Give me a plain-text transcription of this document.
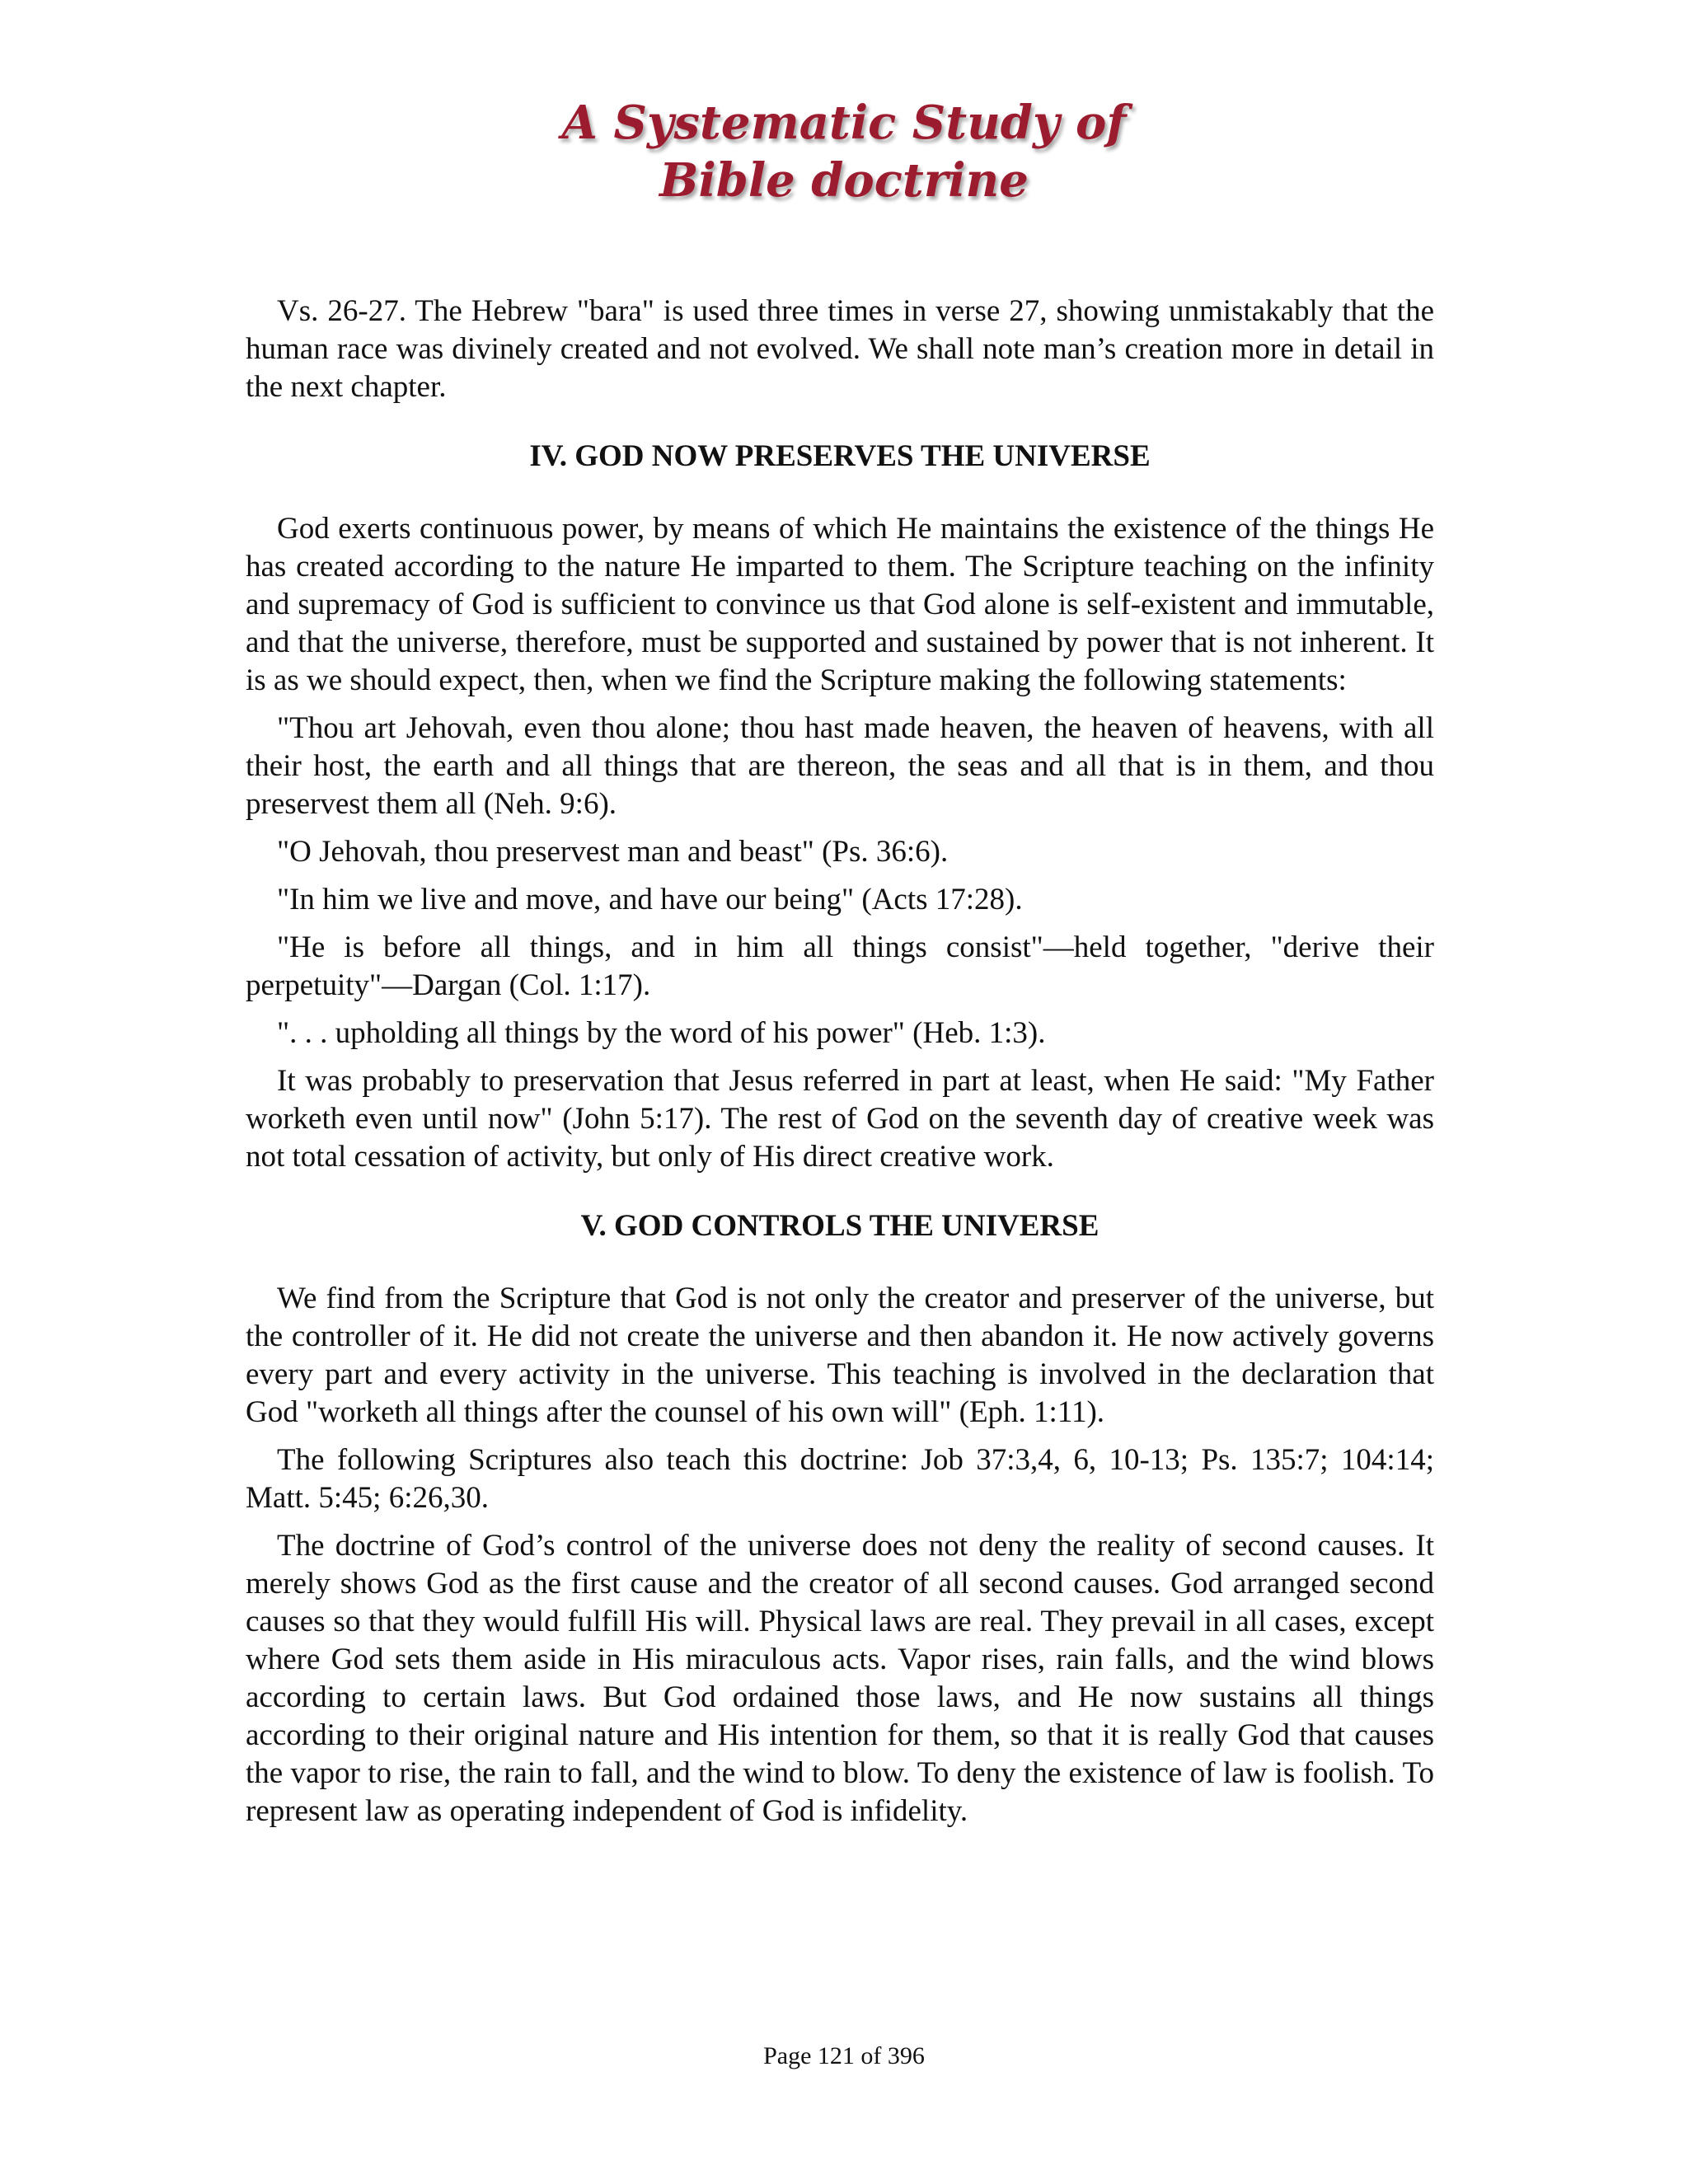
A Systematic Study of
Bible doctrine

Vs. 26-27. The Hebrew "bara" is used three times in verse 27, showing unmistakably that the human race was divinely created and not evolved. We shall note man’s creation more in detail in the next chapter.

IV. GOD NOW PRESERVES THE UNIVERSE

God exerts continuous power, by means of which He maintains the existence of the things He has created according to the nature He imparted to them. The Scripture teaching on the infinity and supremacy of God is sufficient to convince us that God alone is self-existent and immutable, and that the universe, therefore, must be supported and sustained by power that is not inherent. It is as we should expect, then, when we find the Scripture making the following statements:

"Thou art Jehovah, even thou alone; thou hast made heaven, the heaven of heavens, with all their host, the earth and all things that are thereon, the seas and all that is in them, and thou preservest them all (Neh. 9:6).

"O Jehovah, thou preservest man and beast" (Ps. 36:6).

"In him we live and move, and have our being" (Acts 17:28).

"He is before all things, and in him all things consist"—held together, "derive their perpetuity"—Dargan (Col. 1:17).

". . . upholding all things by the word of his power" (Heb. 1:3).

It was probably to preservation that Jesus referred in part at least, when He said: "My Father worketh even until now" (John 5:17). The rest of God on the seventh day of creative week was not total cessation of activity, but only of His direct creative work.

V. GOD CONTROLS THE UNIVERSE

We find from the Scripture that God is not only the creator and preserver of the universe, but the controller of it. He did not create the universe and then abandon it. He now actively governs every part and every activity in the universe. This teaching is involved in the declaration that God "worketh all things after the counsel of his own will" (Eph. 1:11).

The following Scriptures also teach this doctrine: Job 37:3,4, 6, 10-13; Ps. 135:7; 104:14; Matt. 5:45; 6:26,30.

The doctrine of God’s control of the universe does not deny the reality of second causes. It merely shows God as the first cause and the creator of all second causes. God arranged second causes so that they would fulfill His will. Physical laws are real. They prevail in all cases, except where God sets them aside in His miraculous acts. Vapor rises, rain falls, and the wind blows according to certain laws. But God ordained those laws, and He now sustains all things according to their original nature and His intention for them, so that it is really God that causes the vapor to rise, the rain to fall, and the wind to blow. To deny the existence of law is foolish. To represent law as operating independent of God is infidelity.

Page 121 of 396
